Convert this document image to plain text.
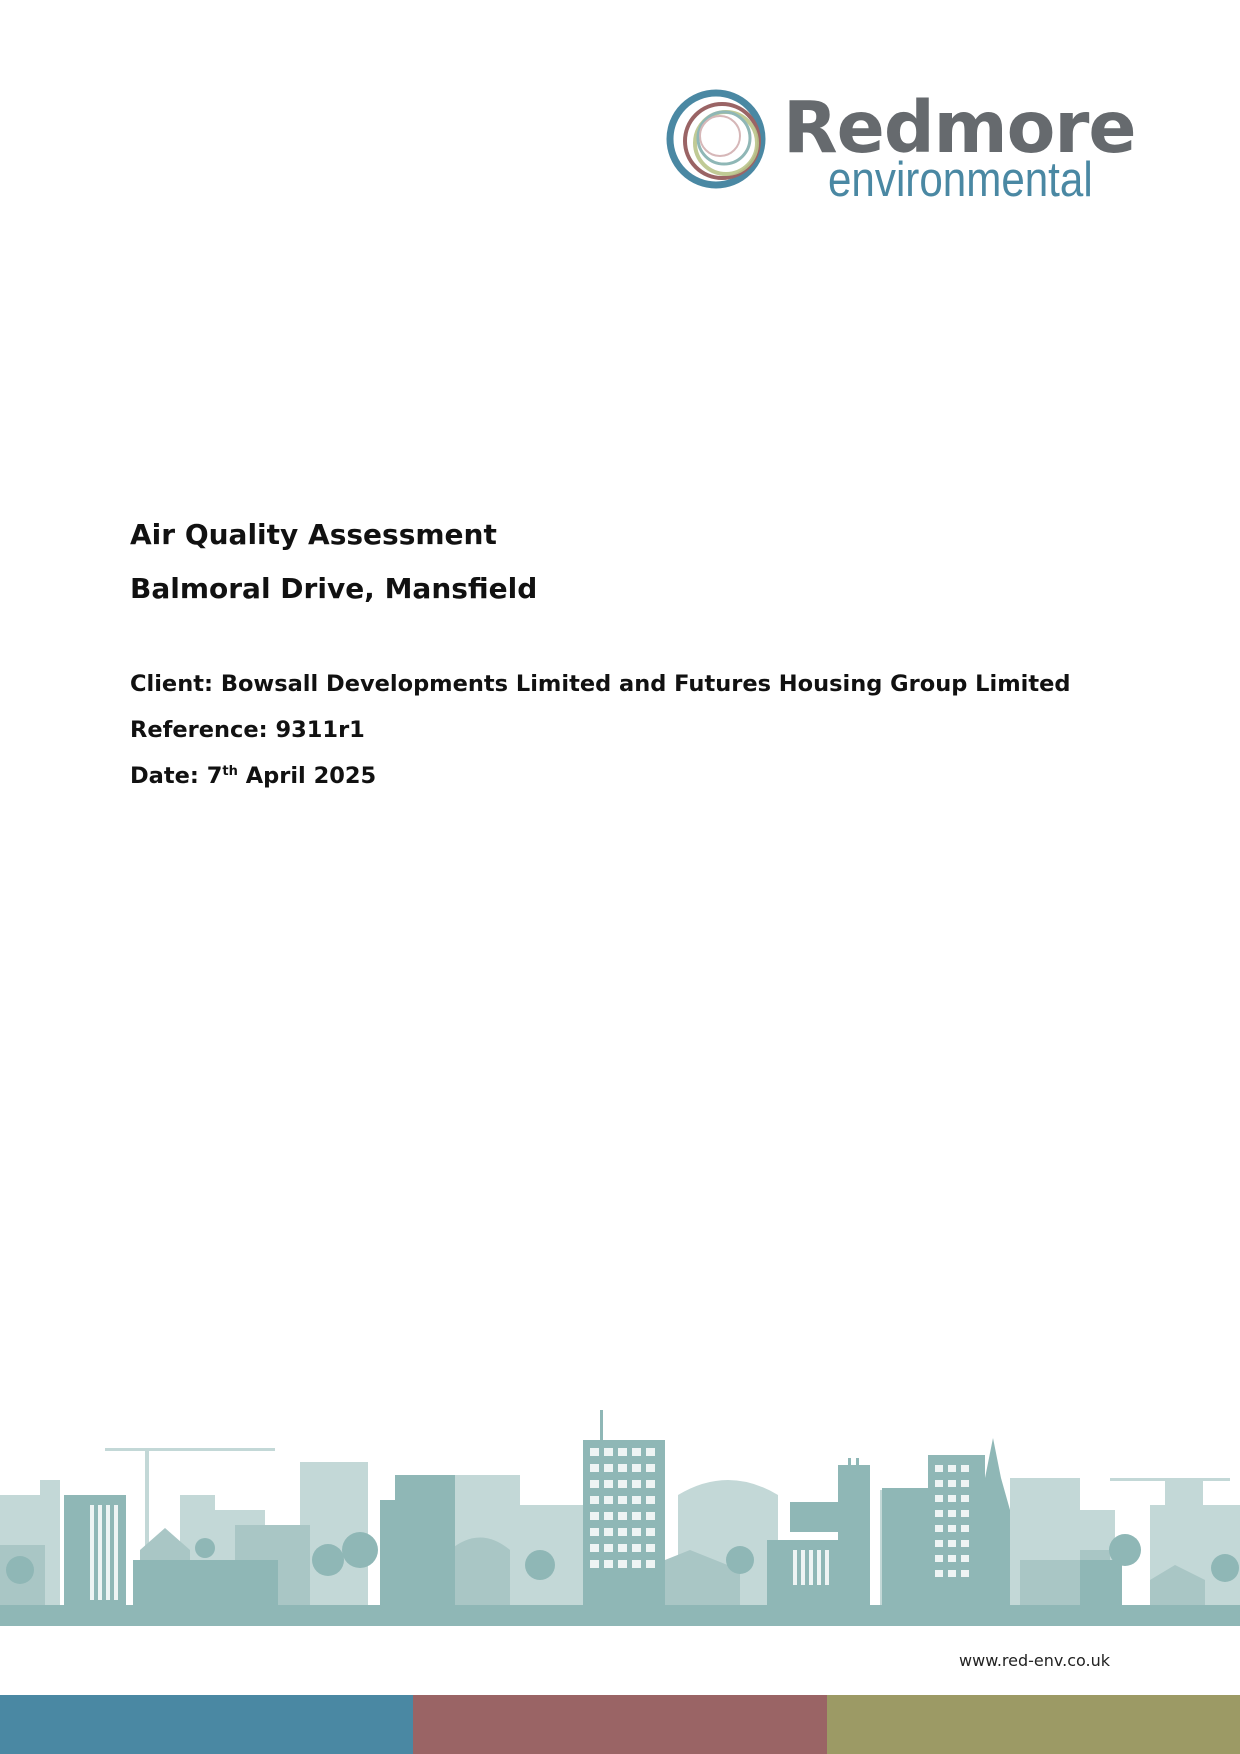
Redmore
environmental
Air Quality Assessment
Balmoral Drive, Mansfield

Client: Bowsall Developments Limited and Futures Housing Group Limited

Reference: 9311r1

Date: 7th April 2025

www.red-env.co.uk
